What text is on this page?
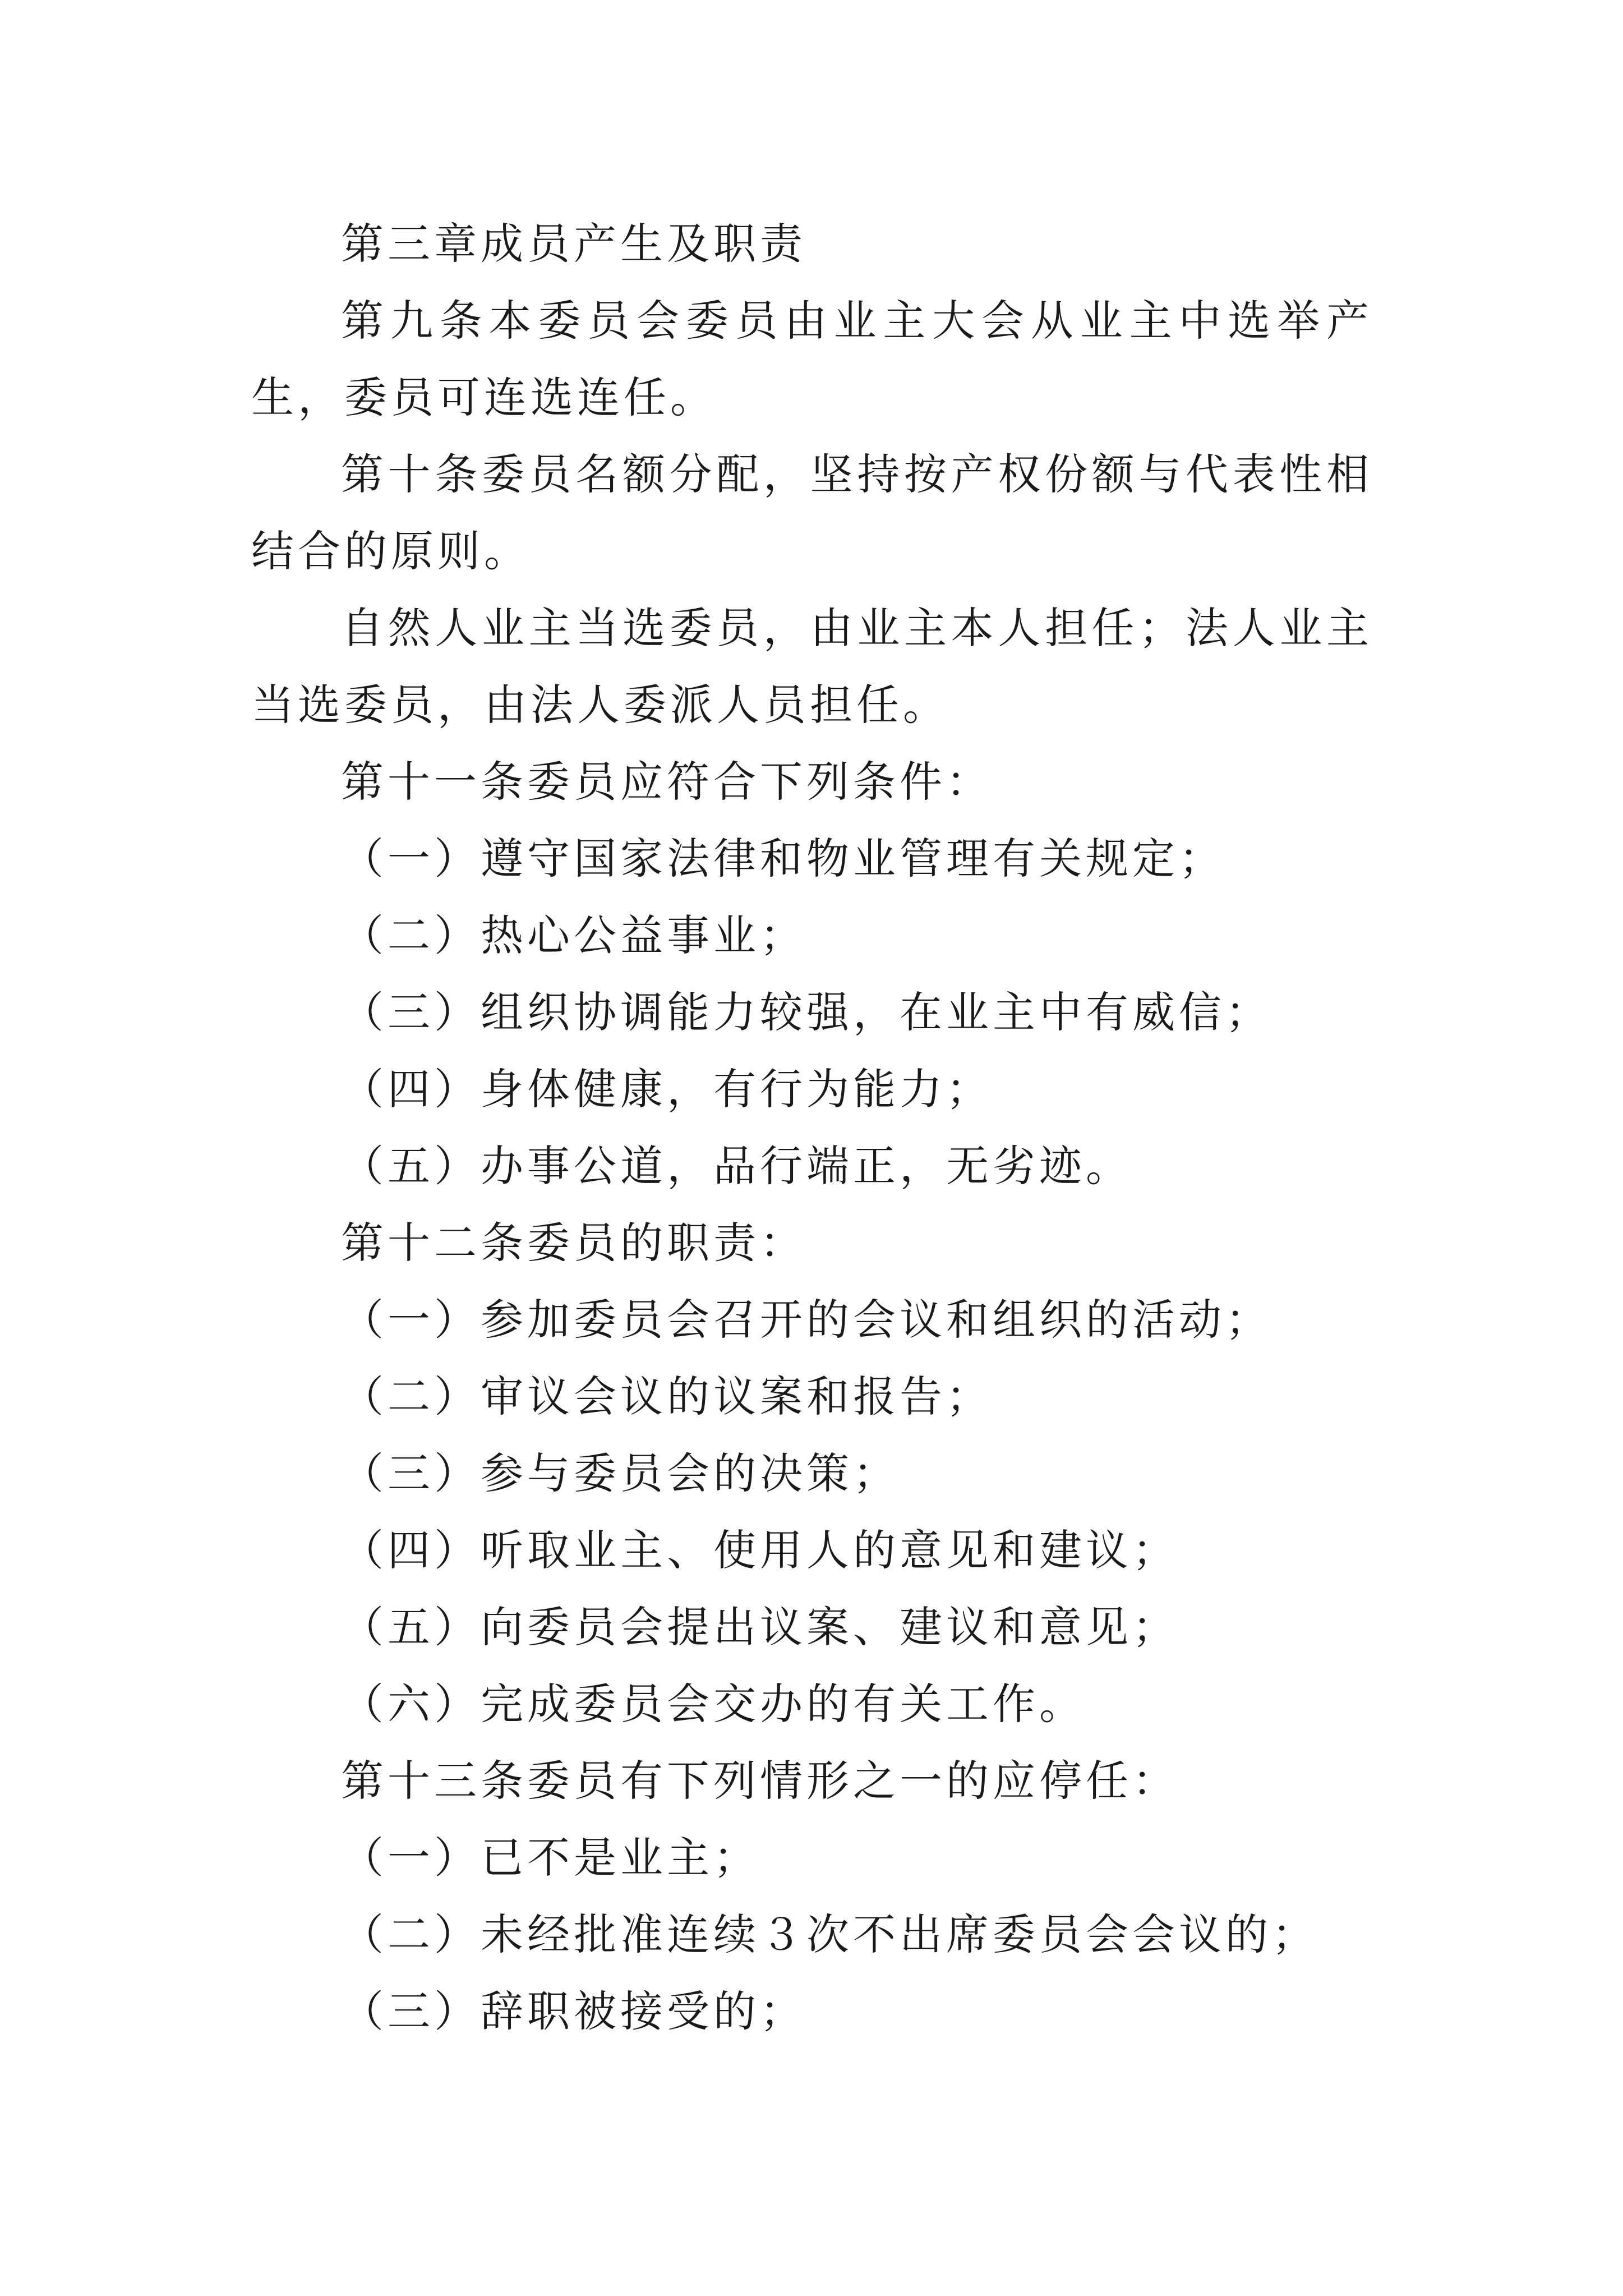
第三章成员产生及职责

第九条本委员会委员由业主大会从业主中选举产生，委员可连选连任。

第十条委员名额分配，坚持按产权份额与代表性相结合的原则。

自然人业主当选委员，由业主本人担任；法人业主当选委员，由法人委派人员担任。

第十一条委员应符合下列条件：

（一）遵守国家法律和物业管理有关规定；

（二）热心公益事业；

（三）组织协调能力较强，在业主中有威信；

（四）身体健康，有行为能力；

（五）办事公道，品行端正，无劣迹。

第十二条委员的职责：

（一）参加委员会召开的会议和组织的活动；

（二）审议会议的议案和报告；

（三）参与委员会的决策；

（四）听取业主、使用人的意见和建议；

（五）向委员会提出议案、建议和意见；

（六）完成委员会交办的有关工作。

第十三条委员有下列情形之一的应停任：

（一）已不是业主；

（二）未经批准连续３次不出席委员会会议的；

（三）辞职被接受的；
